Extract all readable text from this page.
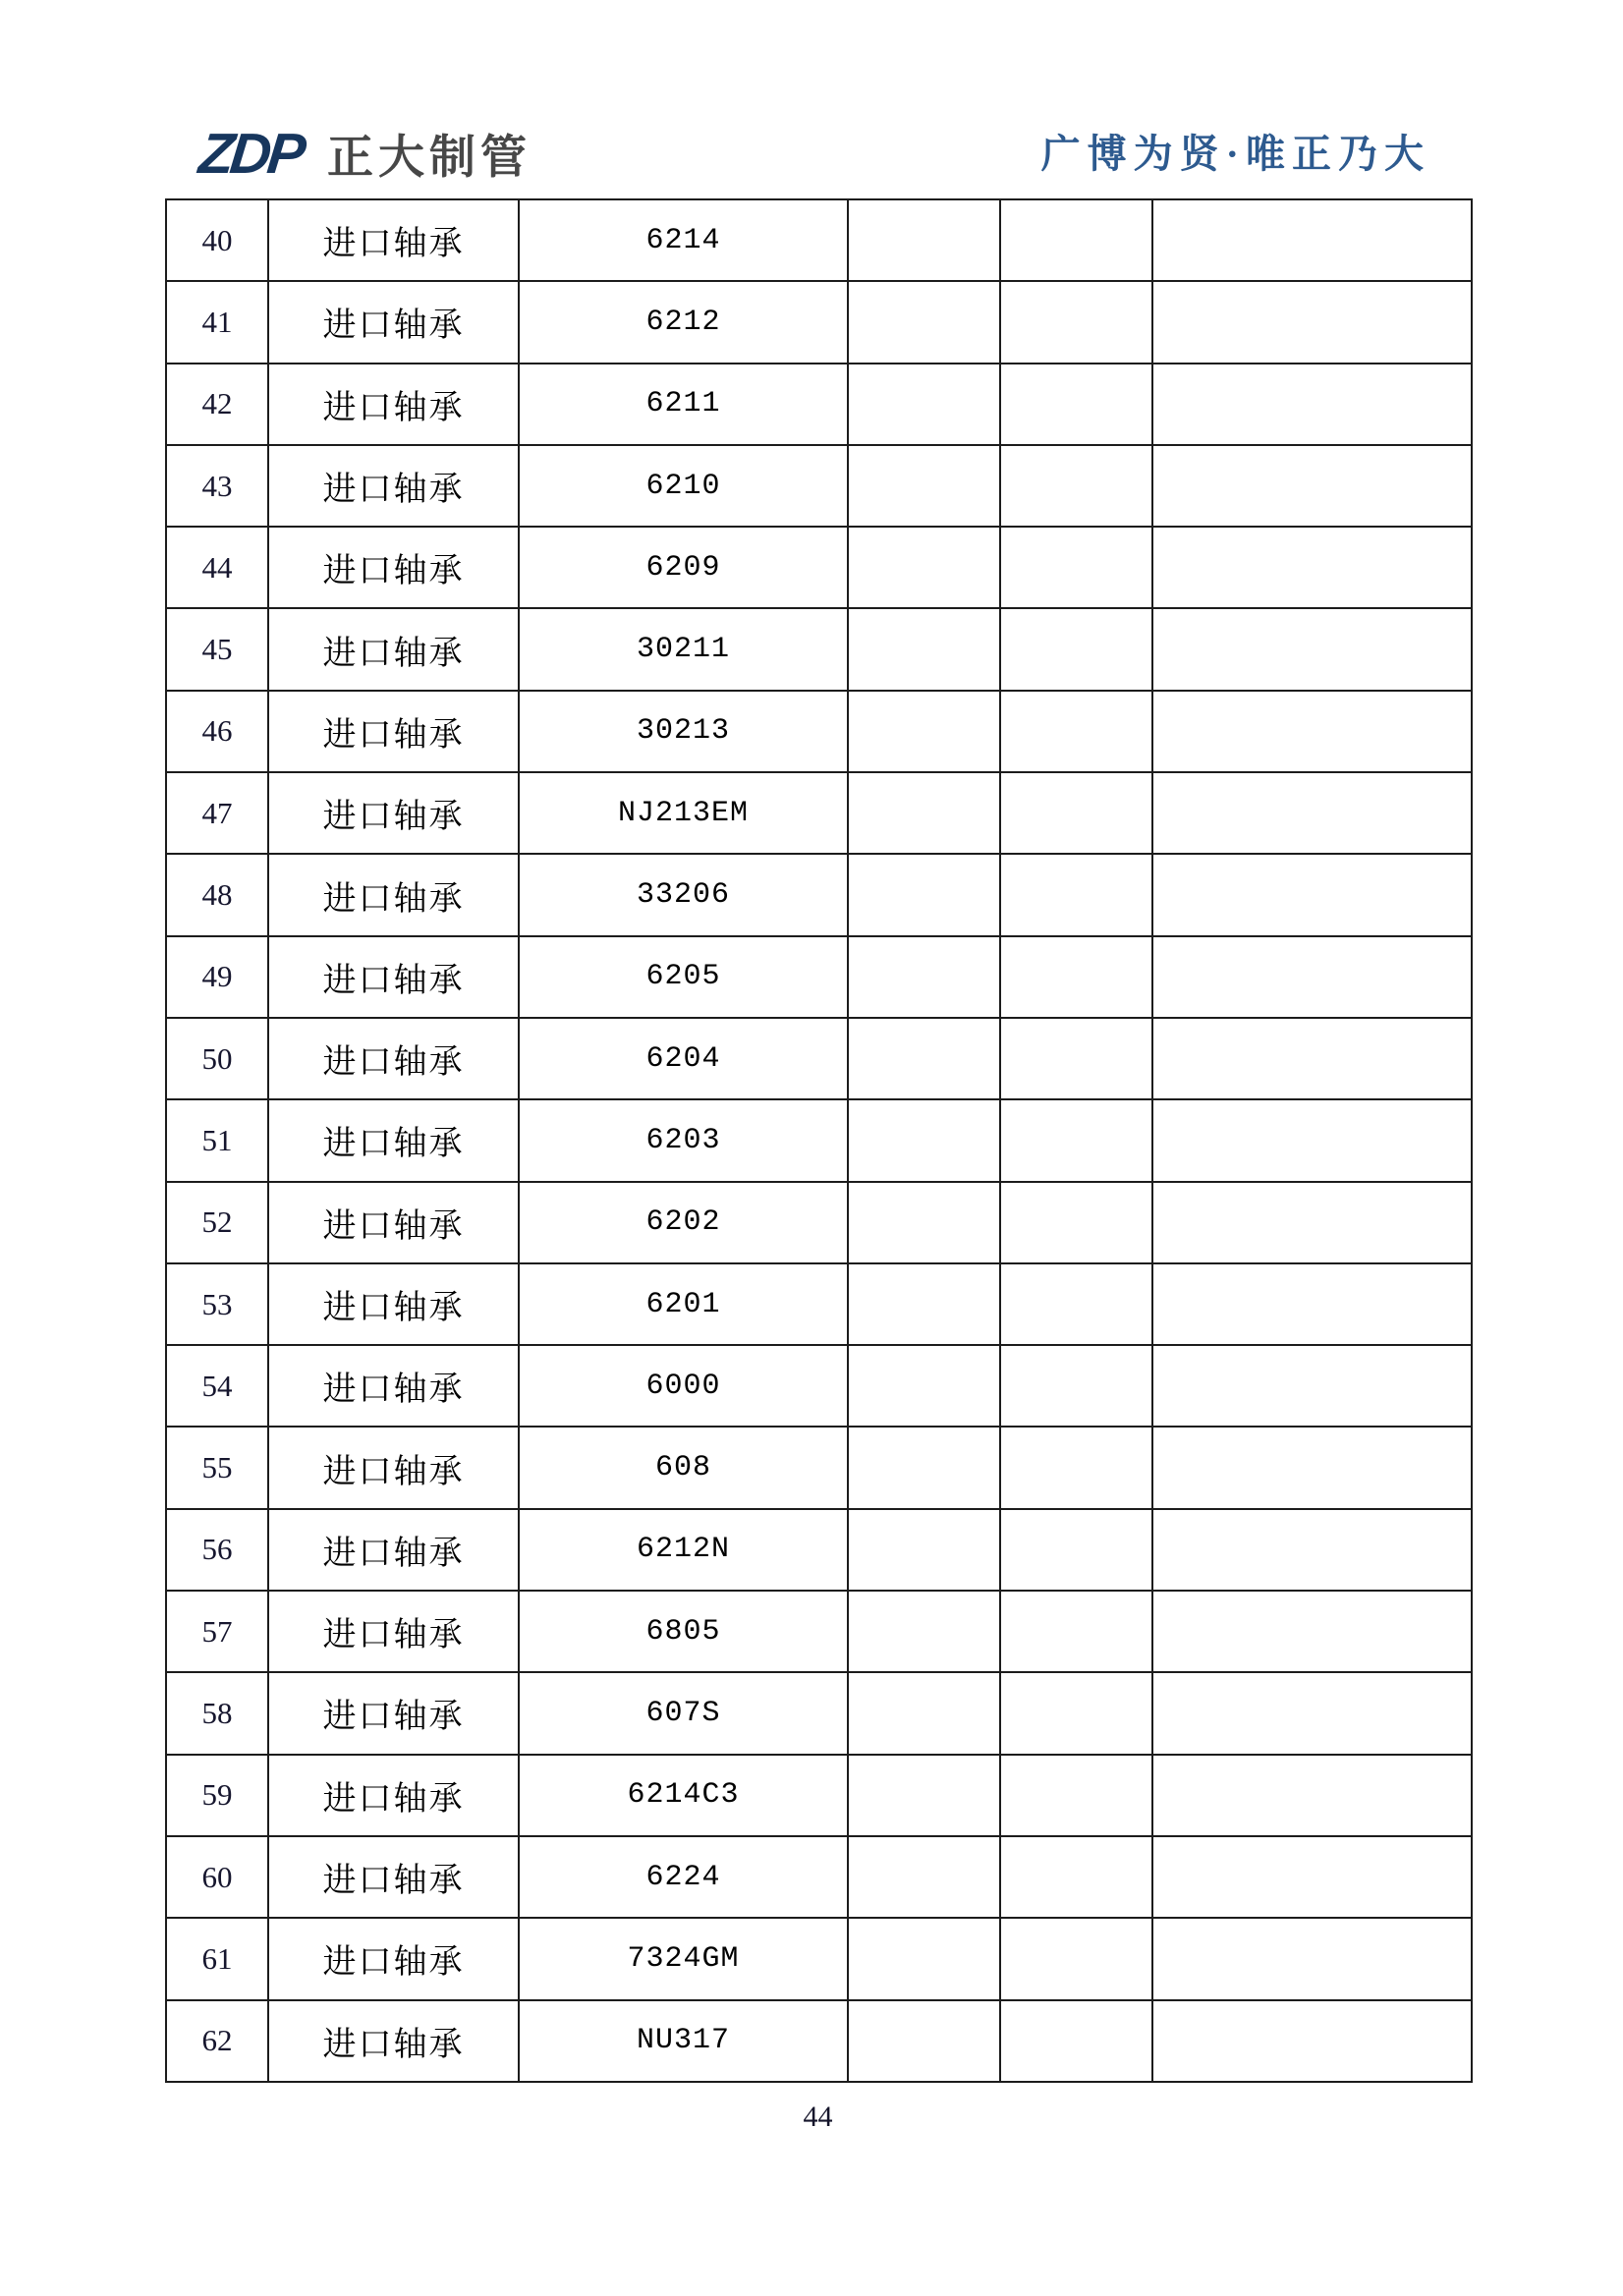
ZDP 正大制管	广博为贤·唯正乃大
40	进口轴承	6214			
41	进口轴承	6212			
42	进口轴承	6211			
43	进口轴承	6210			
44	进口轴承	6209			
45	进口轴承	30211			
46	进口轴承	30213			
47	进口轴承	NJ213EM			
48	进口轴承	33206			
49	进口轴承	6205			
50	进口轴承	6204			
51	进口轴承	6203			
52	进口轴承	6202			
53	进口轴承	6201			
54	进口轴承	6000			
55	进口轴承	608			
56	进口轴承	6212N			
57	进口轴承	6805			
58	进口轴承	607S			
59	进口轴承	6214C3			
60	进口轴承	6224			
61	进口轴承	7324GM			
62	进口轴承	NU317			
44
